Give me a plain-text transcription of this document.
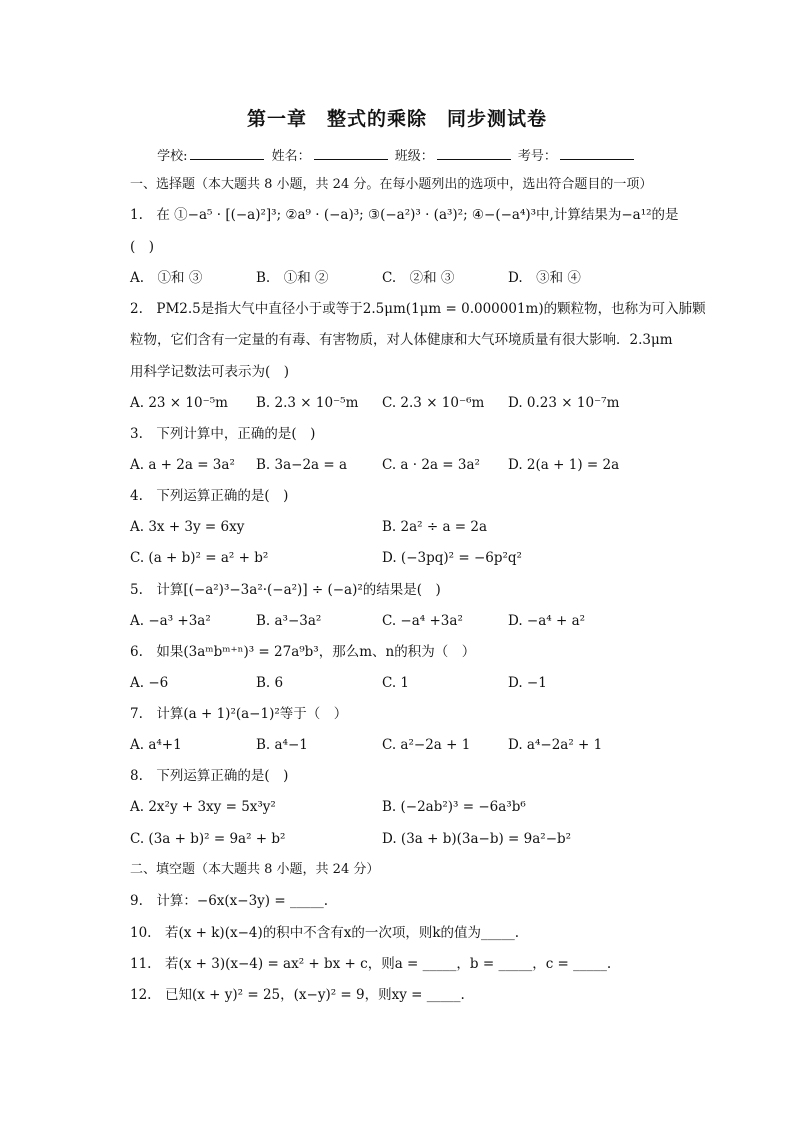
第一章　整式的乘除　同步测试卷
学校:	姓名：	班级：	考号：
一、选择题（本大题共 8 小题，共 24 分。在每小题列出的选项中，选出符合题目的一项）
1.　在 ①−a⁵ · [(−a)²]³; ②a⁹ · (−a)³; ③(−a²)³ · (a³)²; ④−(−a⁴)³中,计算结果为−a¹²的是
(　)
A.　①和 ③	B.　①和 ②	C.　②和 ③	D.　③和 ④
2.　PM2.5是指大气中直径小于或等于2.5μm(1μm = 0.000001m)的颗粒物，也称为可入肺颗
粒物，它们含有一定量的有毒、有害物质，对人体健康和大气环境质量有很大影响．2.3μm
用科学记数法可表示为(　)
A. 23 × 10⁻⁵m B. 2.3 × 10⁻⁵m C. 2.3 × 10⁻⁶m D. 0.23 × 10⁻⁷m
3.　下列计算中，正确的是(　)
A. a + 2a = 3a² B. 3a−2a = a	C. a · 2a = 3a² D. 2(a + 1) = 2a
4.　下列运算正确的是(　)
A. 3x + 3y = 6xy	B. 2a² ÷ a = 2a
C. (a + b)² = a² + b²	D. (−3pq)² = −6p²q²
5.　计算[(−a²)³−3a²·(−a²)] ÷ (−a)²的结果是(　)
A. −a³ +3a²	B. a³−3a²	C. −a⁴ +3a²	D. −a⁴ + a²
6.　如果(3aᵐbᵐ⁺ⁿ)³ = 27a⁹b³，那么m、n的积为（　）
A. −6	B. 6	C. 1	D. −1
7.　计算(a + 1)²(a−1)²等于（　）
A. a⁴+1	B. a⁴−1	C. a²−2a + 1	D. a⁴−2a² + 1
8.　下列运算正确的是(　)
A. 2x²y + 3xy = 5x³y²	B. (−2ab²)³ = −6a³b⁶
C. (3a + b)² = 9a² + b²	D. (3a + b)(3a−b) = 9a²−b²
二、填空题（本大题共 8 小题，共 24 分）
9.　计算：−6x(x−3y) = _____.
10.　若(x + k)(x−4)的积中不含有x的一次项，则k的值为_____.
11.　若(x + 3)(x−4) = ax² + bx + c，则a = _____，b = _____，c = _____.
12.　已知(x + y)² = 25，(x−y)² = 9，则xy = _____.
